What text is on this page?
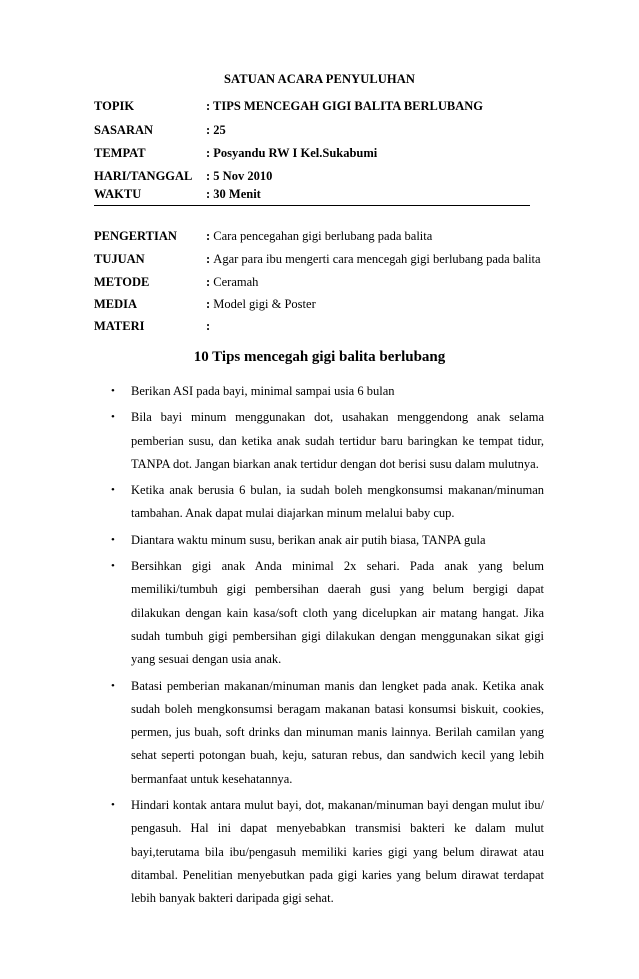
SATUAN ACARA PENYULUHAN
TOPIK	: TIPS MENCEGAH GIGI BALITA BERLUBANG
SASARAN	: 25
TEMPAT	: Posyandu RW I Kel.Sukabumi
HARI/TANGGAL : 5 Nov 2010
WAKTU	: 30 Menit
PENGERTIAN : Cara pencegahan gigi berlubang pada balita
TUJUAN	: Agar para ibu mengerti cara mencegah gigi berlubang pada balita
METODE	: Ceramah
MEDIA	: Model gigi & Poster
MATERI	:
10 Tips mencegah gigi balita berlubang
• Berikan ASI pada bayi, minimal sampai usia 6 bulan
• Bila bayi minum menggunakan dot, usahakan menggendong anak selama pemberian susu, dan ketika anak sudah tertidur baru baringkan ke tempat tidur, TANPA dot. Jangan biarkan anak tertidur dengan dot berisi susu dalam mulutnya.
• Ketika anak berusia 6 bulan, ia sudah boleh mengkonsumsi makanan/minuman tambahan. Anak dapat mulai diajarkan minum melalui baby cup.
• Diantara waktu minum susu, berikan anak air putih biasa, TANPA gula
• Bersihkan gigi anak Anda minimal 2x sehari. Pada anak yang belum memiliki/tumbuh gigi pembersihan daerah gusi yang belum bergigi dapat dilakukan dengan kain kasa/soft cloth yang dicelupkan air matang hangat. Jika sudah tumbuh gigi pembersihan gigi dilakukan dengan menggunakan sikat gigi yang sesuai dengan usia anak.
• Batasi pemberian makanan/minuman manis dan lengket pada anak. Ketika anak sudah boleh mengkonsumsi beragam makanan batasi konsumsi biskuit, cookies, permen, jus buah, soft drinks dan minuman manis lainnya. Berilah camilan yang sehat seperti potongan buah, keju, saturan rebus, dan sandwich kecil yang lebih bermanfaat untuk kesehatannya.
• Hindari kontak antara mulut bayi, dot, makanan/minuman bayi dengan mulut ibu/ pengasuh. Hal ini dapat menyebabkan transmisi bakteri ke dalam mulut bayi,terutama bila ibu/pengasuh memiliki karies gigi yang belum dirawat atau ditambal. Penelitian menyebutkan pada gigi karies yang belum dirawat terdapat lebih banyak bakteri daripada gigi sehat.
